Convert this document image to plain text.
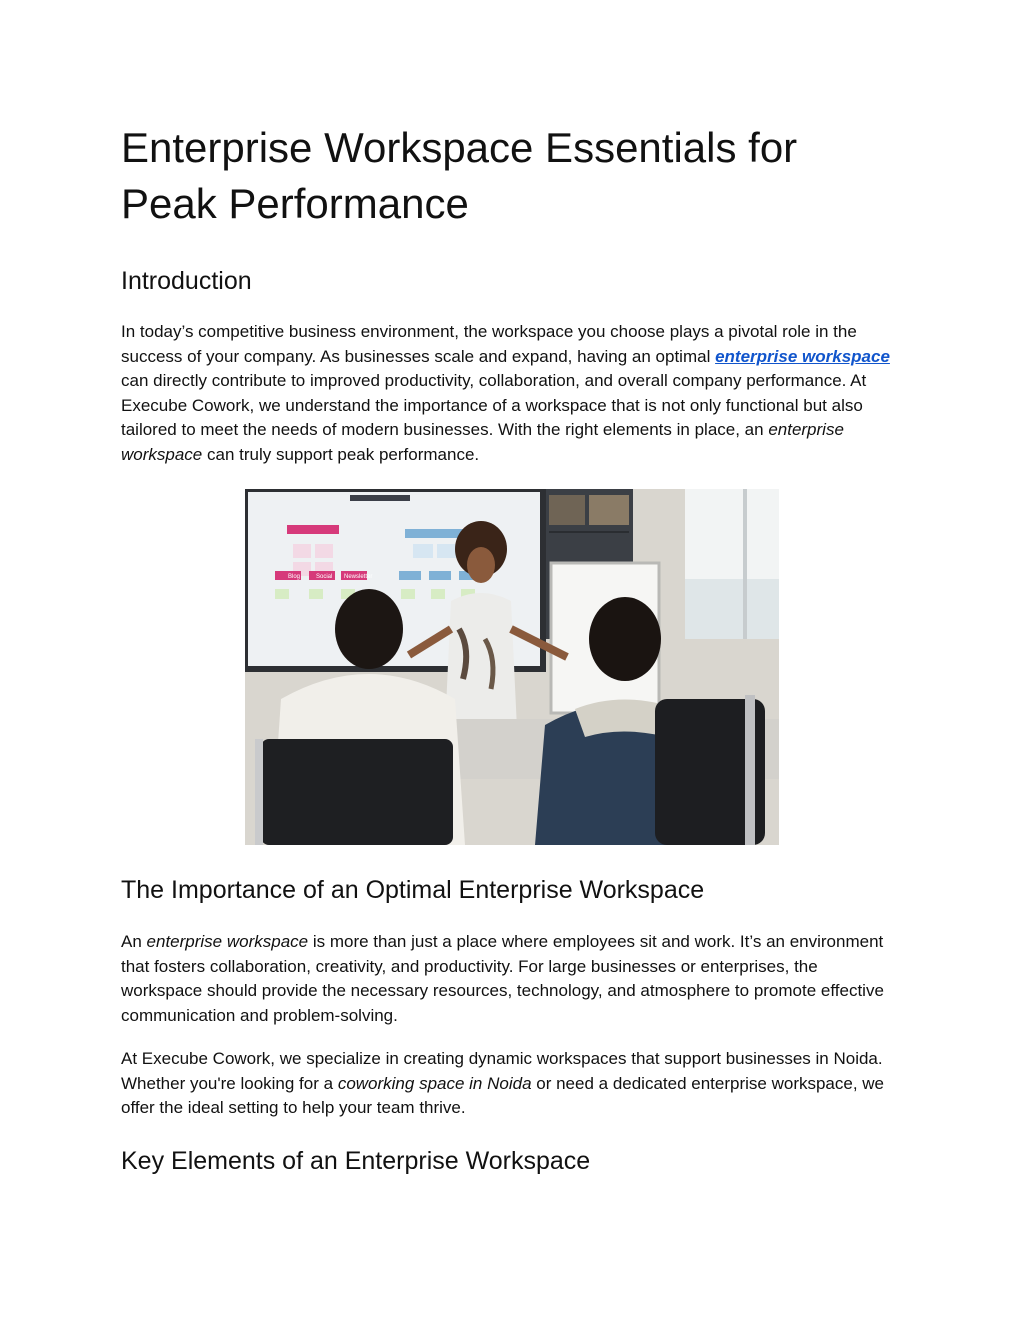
Enterprise Workspace Essentials for Peak Performance
Introduction

In today’s competitive business environment, the workspace you choose plays a pivotal role in the success of your company. As businesses scale and expand, having an optimal enterprise workspace can directly contribute to improved productivity, collaboration, and overall company performance. At Execube Cowork, we understand the importance of a workspace that is not only functional but also tailored to meet the needs of modern businesses. With the right elements in place, an enterprise workspace can truly support peak performance.

Blog	Social Newsletter
The Importance of an Optimal Enterprise Workspace

An enterprise workspace is more than just a place where employees sit and work. It’s an environment that fosters collaboration, creativity, and productivity. For large businesses or enterprises, the workspace should provide the necessary resources, technology, and atmosphere to promote effective communication and problem-solving.

At Execube Cowork, we specialize in creating dynamic workspaces that support businesses in Noida. Whether you're looking for a coworking space in Noida or need a dedicated enterprise workspace, we offer the ideal setting to help your team thrive.

Key Elements of an Enterprise Workspace
